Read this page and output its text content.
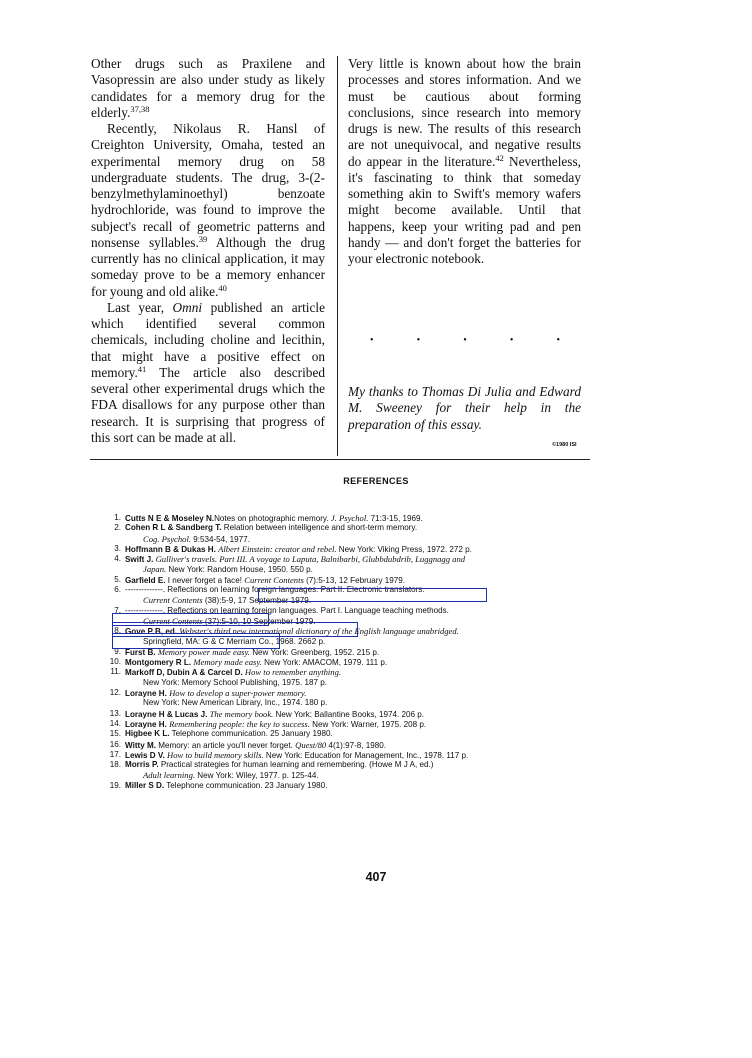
Other drugs such as Praxilene and Vasopressin are also under study as likely candidates for a memory drug for the elderly.$^{37,38}$

Recently, Nikolaus R. Hansl of Creighton University, Omaha, tested an experimental memory drug on 58 undergraduate students. The drug, 3-(2-benzylmethylaminoethyl) benzoate hydrochloride, was found to improve the subject's recall of geometric patterns and nonsense syllables.$^{39}$ Although the drug currently has no clinical application, it may someday prove to be a memory enhancer for young and old alike.$^{40}$

Last year, Omni published an article which identified several common chemicals, including choline and lecithin, that might have a positive effect on memory.$^{41}$ The article also described several other experimental drugs which the FDA disallows for any purpose other than research. It is surprising that progress of this sort can be made at all.

Very little is known about how the brain processes and stores information. And we must be cautious about forming conclusions, since research into memory drugs is new. The results of this research are not unequivocal, and negative results do appear in the literature.$^{42}$ Nevertheless, it's fascinating to think that someday something akin to Swift's memory wafers might become available. Until that happens, keep your writing pad and pen handy — and don't forget the batteries for your electronic notebook.

•	•	•	•	•
My thanks to Thomas Di Julia and Edward M. Sweeney for their help in the preparation of this essay.
©1980 ISI
REFERENCES
1. Cutts N E & Moseley N.Notes on photographic memory. J. Psychol. 71:3-15, 1969.
2. Cohen R L & Sandberg T. Relation between intelligence and short-term memory.
Cog. Psychol. 9:534-54, 1977.
3. Hoffmann B & Dukas H. Albert Einstein: creator and rebel. New York: Viking Press, 1972. 272 p.
4. Swift J. Gulliver's travels. Part III. A voyage to Laputa, Balnibarbi, Glubbdubdrib, Luggnagg and
Japan. New York: Random House, 1950. 550 p.
5. Garfield E. I never forget a face! Current Contents (7):5-13, 12 February 1979.
6. --------------. Reflections on learning foreign languages. Part II. Electronic translators.
Current Contents (38):5-9, 17 September 1979.
7. --------------. Reflections on learning foreign languages. Part I. Language teaching methods.
Current Contents (37):5-10, 10 September 1979.
8. Gove P B, ed. Webster's third new international dictionary of the English language unabridged.
Springfield, MA: G & C Merriam Co., 1968. 2662 p.
9. Furst B. Memory power made easy. New York: Greenberg, 1952. 215 p.
10. Montgomery R L. Memory made easy. New York: AMACOM, 1979. 111 p.
11. Markoff D, Dubin A & Carcel D. How to remember anything.
New York: Memory School Publishing, 1975. 187 p.
12. Lorayne H. How to develop a super-power memory.
New York: New American Library, Inc., 1974. 180 p.
13. Lorayne H & Lucas J. The memory book. New York: Ballantine Books, 1974. 206 p.
14. Lorayne H. Remembering people: the key to success. New York: Warner, 1975. 208 p.
15. Higbee K L. Telephone communication. 25 January 1980.
16. Witty M. Memory: an article you'll never forget. Quest/80 4(1):97-8, 1980.
17. Lewis D V. How to build memory skills. New York: Education for Management, Inc., 1978. 117 p.
18. Morris P. Practical strategies for human learning and remembering. (Howe M J A, ed.)
Adult learning. New York: Wiley, 1977. p. 125-44.
19. Miller S D. Telephone communication. 23 January 1980.
407
